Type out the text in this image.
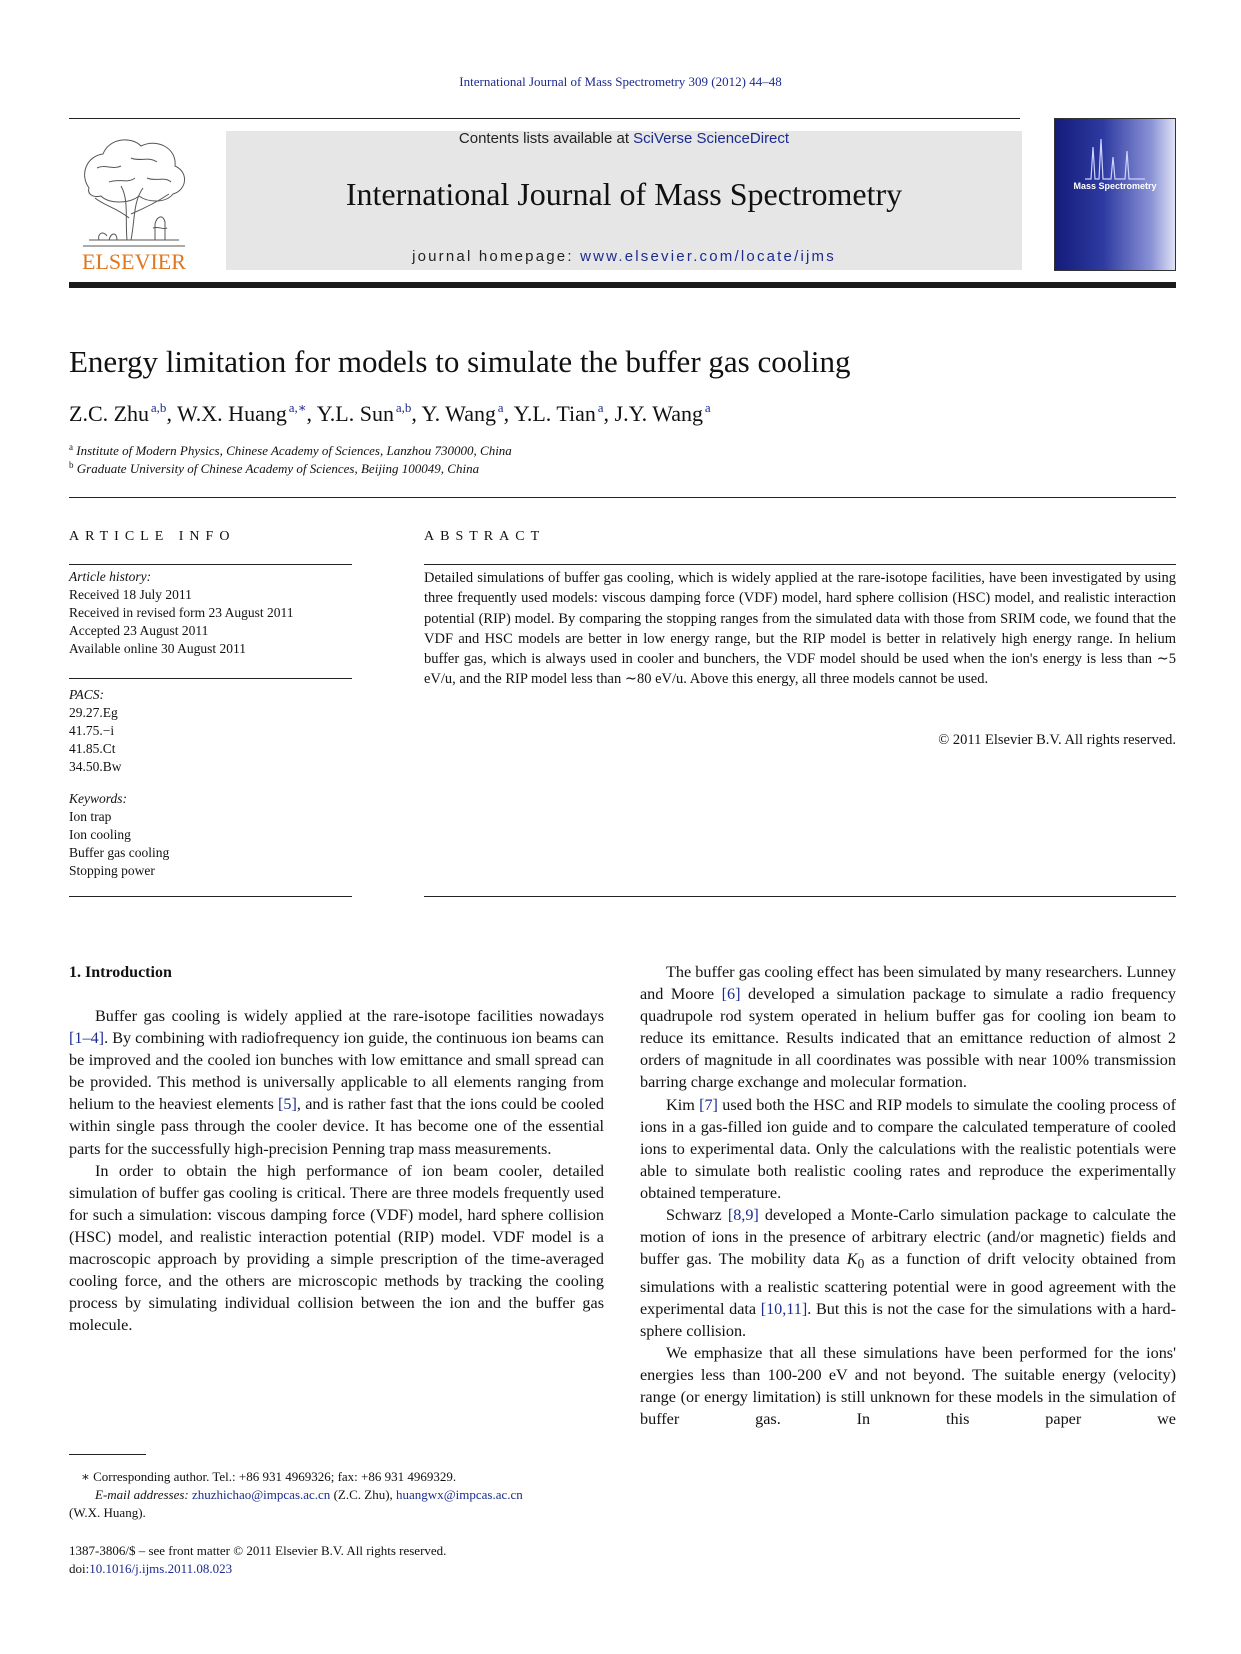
International Journal of Mass Spectrometry 309 (2012) 44–48
ELSEVIER
Contents lists available at SciVerse ScienceDirect
International Journal of Mass Spectrometry
journal homepage: www.elsevier.com/locate/ijms
Mass Spectrometry
Energy limitation for models to simulate the buffer gas cooling
Z.C. Zhu  $^{a,b}$, W.X. Huang  $^{a,∗}$, Y.L. Sun  $^{a,b}$, Y. Wang  $^a$, Y.L. Tian  $^a$, J.Y. Wang  $^a$
$^a$ Institute of Modern Physics, Chinese Academy of Sciences, Lanzhou 730000, China
$^b$ Graduate University of Chinese Academy of Sciences, Beijing 100049, China
ARTICLE INFO
Article history:
Received 18 July 2011
Received in revised form 23 August 2011
Accepted 23 August 2011
Available online 30 August 2011
PACS:
29.27.Eg
41.75.−i
41.85.Ct
34.50.Bw
Keywords:
Ion trap
Ion cooling
Buffer gas cooling
Stopping power
ABSTRACT
Detailed simulations of buffer gas cooling, which is widely applied at the rare-isotope facilities, have been investigated by using three frequently used models: viscous damping force (VDF) model, hard sphere collision (HSC) model, and realistic interaction potential (RIP) model. By comparing the stopping ranges from the simulated data with those from SRIM code, we found that the VDF and HSC models are better in low energy range, but the RIP model is better in relatively high energy range. In helium buffer gas, which is always used in cooler and bunchers, the VDF model should be used when the ion's energy is less than ∼5 eV/u, and the RIP model less than ∼80 eV/u. Above this energy, all three models cannot be used.
© 2011 Elsevier B.V. All rights reserved.
1. Introduction

Buffer gas cooling is widely applied at the rare-isotope facilities nowadays [1–4]. By combining with radiofrequency ion guide, the continuous ion beams can be improved and the cooled ion bunches with low emittance and small spread can be provided. This method is universally applicable to all elements ranging from helium to the heaviest elements [5], and is rather fast that the ions could be cooled within single pass through the cooler device. It has become one of the essential parts for the successfully high-precision Penning trap mass measurements.

In order to obtain the high performance of ion beam cooler, detailed simulation of buffer gas cooling is critical. There are three models frequently used for such a simulation: viscous damping force (VDF) model, hard sphere collision (HSC) model, and realistic interaction potential (RIP) model. VDF model is a macroscopic approach by providing a simple prescription of the time-averaged cooling force, and the others are microscopic methods by tracking the cooling process by simulating individual collision between the ion and the buffer gas molecule.

The buffer gas cooling effect has been simulated by many researchers. Lunney and Moore [6] developed a simulation package to simulate a radio frequency quadrupole rod system operated in helium buffer gas for cooling ion beam to reduce its emittance. Results indicated that an emittance reduction of almost 2 orders of magnitude in all coordinates was possible with near 100% transmission barring charge exchange and molecular formation.

Kim [7] used both the HSC and RIP models to simulate the cooling process of ions in a gas-filled ion guide and to compare the calculated temperature of cooled ions to experimental data. Only the calculations with the realistic potentials were able to simulate both realistic cooling rates and reproduce the experimentally obtained temperature.

Schwarz [8,9] developed a Monte-Carlo simulation package to calculate the motion of ions in the presence of arbitrary electric (and/or magnetic) fields and buffer gas. The mobility data $K_0$ as a function of drift velocity obtained from simulations with a realistic scattering potential were in good agreement with the experimental data [10,11]. But this is not the case for the simulations with a hard-sphere collision.

We emphasize that all these simulations have been performed for the ions' energies less than 100-200 eV and not beyond. The suitable energy (velocity) range (or energy limitation) is still unknown for these models in the simulation of buffer gas. In this paper we

∗ Corresponding author. Tel.: +86 931 4969326; fax: +86 931 4969329.
E-mail addresses: zhuzhichao@impcas.ac.cn (Z.C. Zhu), huangwx@impcas.ac.cn
(W.X. Huang).
1387-3806/$ – see front matter © 2011 Elsevier B.V. All rights reserved.
doi:10.1016/j.ijms.2011.08.023
